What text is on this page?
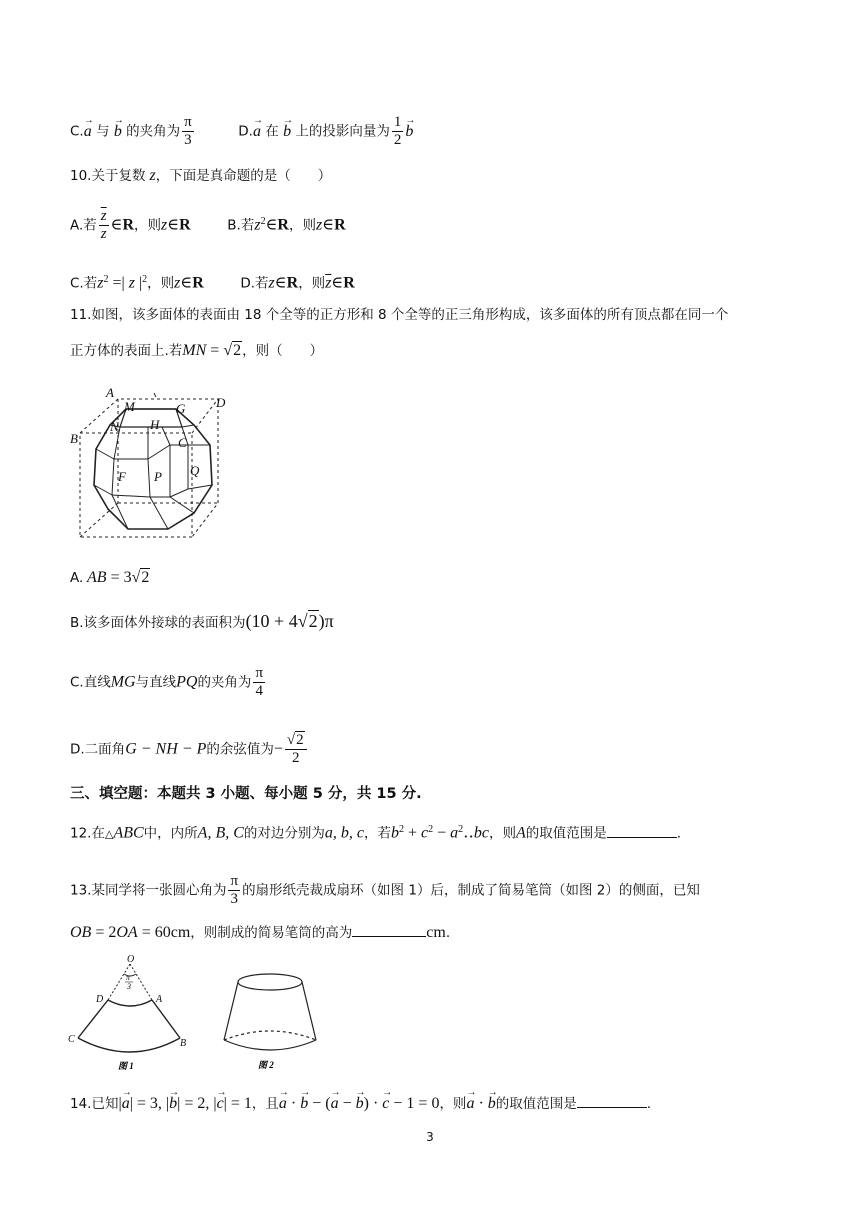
C.→ a 与 → b 的夹角为 $\frac{\pi}{3}$	D.→ a 在 → b 上的投影向量为 $\frac{1}{2} \to b$
10.关于复数 z，下面是真命题的是（　　）
A.若 $\frac{\overline{z}}{z}$ ∈R，则z∈R	B.若$z^2\in R$，则z∈R
C.若$z^2$ =| z $|^2$，则z∈R	D.若z∈R，则$\overline{z}\in R$
11.如图，该多面体的表面由 18 个全等的正方形和 8 个全等的正三角形构成，该多面体的所有顶点都在同一个
正方体的表面上.若MN = √2，则（　　）
A
M	G D
N H
B	C
F P Q
A. AB = 3√2
B.该多面体外接球的表面积为(10 + 4√2)π
C.直线MG与直线PQ的夹角为 $\frac{\pi}{4}$
D.二面角G − NH − P的余弦值为− $\frac{√2}{2}$
三、填空题：本题共 3 小题、每小题 5 分，共 15 分.
12.在△ABC中，内所A, B, C的对边分别为a, b, c，若$b^2 + c^2$ − $a^2‥bc$，则A的取值范围是	.
13.某同学将一张圆心角为 $\frac{\pi}{3}$ 的扇形纸壳裁成扇环（如图 1）后，制成了简易笔筒（如图 2）的侧面，已知
OB = 2OA = 60cm，则制成的简易笔筒的高为	cm.
O
D	A
C	B
π
3
图 1	图 2
14.已知|→ a| = 3, |→ b| = 2, |→ c| = 1，且→ a · → b − (→ a − → b) · → c − 1 = 0，则→ a · → b的取值范围是	.
3
